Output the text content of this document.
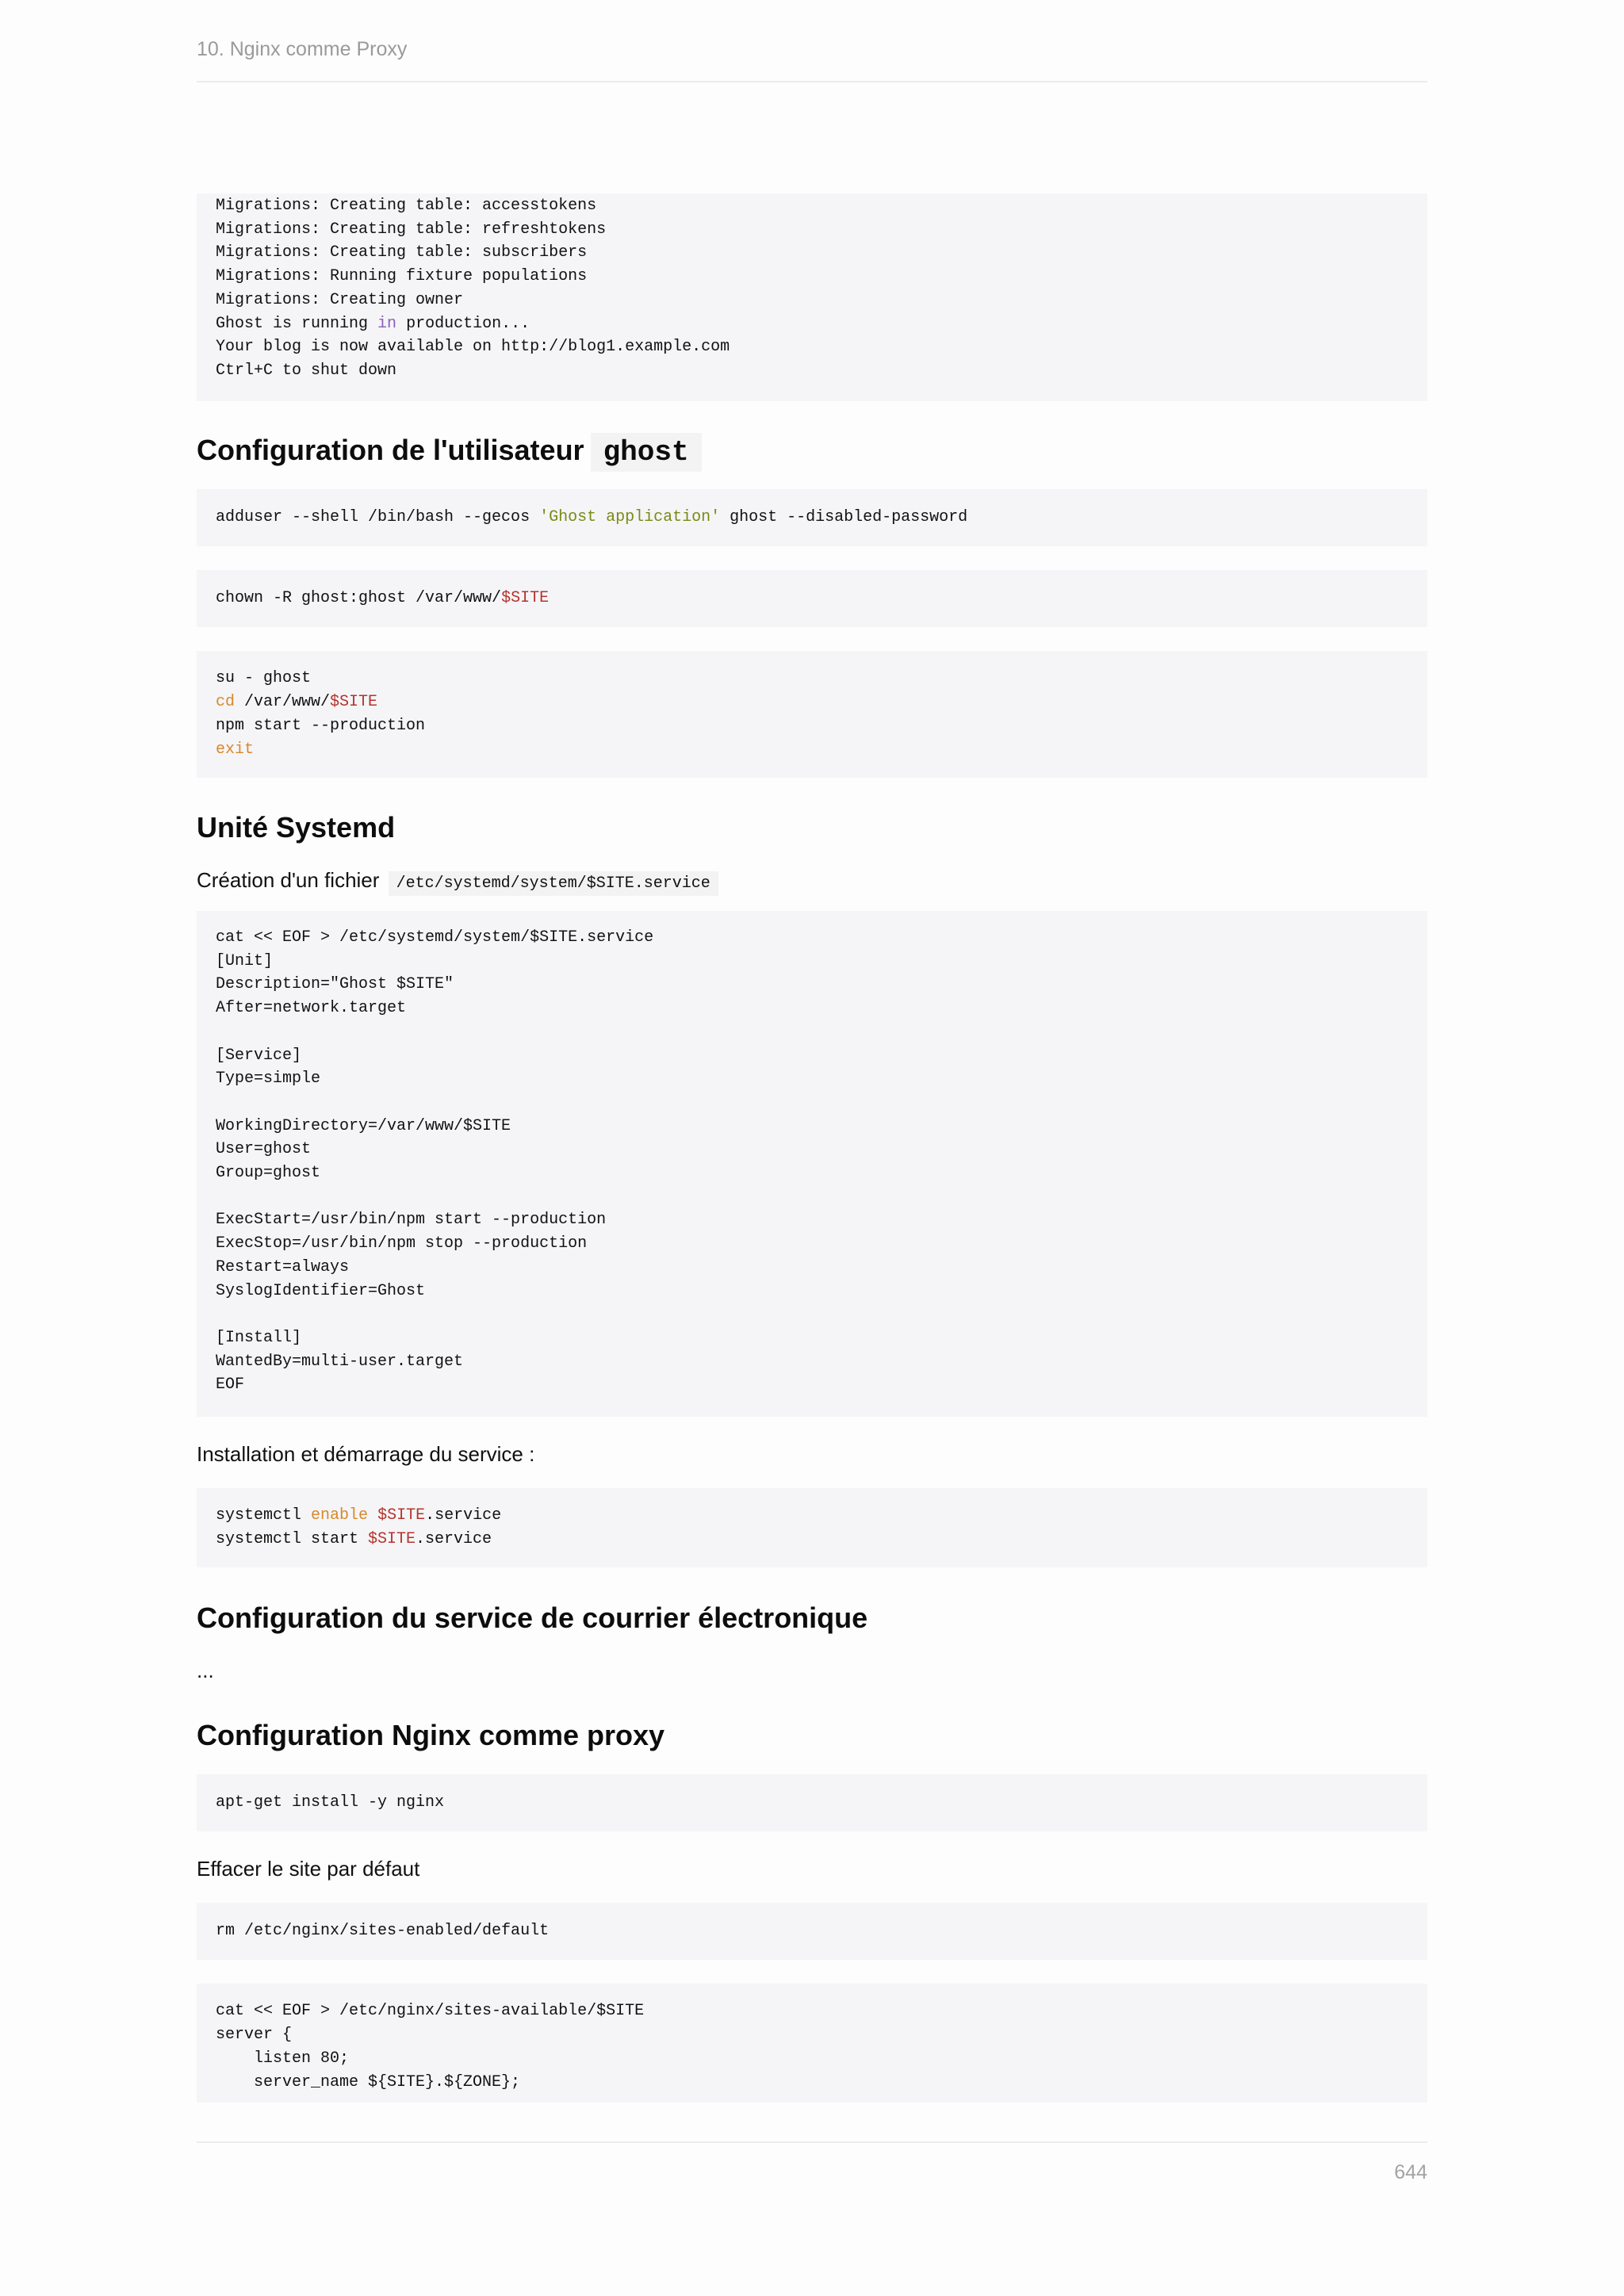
10. Nginx comme Proxy
Migrations: Creating table: accesstokens
Migrations: Creating table: refreshtokens
Migrations: Creating table: subscribers
Migrations: Running fixture populations
Migrations: Creating owner
Ghost is running in production...
Your blog is now available on http://blog1.example.com
Ctrl+C to shut down
Configuration de l'utilisateur ghost
adduser --shell /bin/bash --gecos 'Ghost application' ghost --disabled-password
chown -R ghost:ghost /var/www/$SITE
su - ghost
cd /var/www/$SITE
npm start --production
exit
Unité Systemd
Création d'un fichier /etc/systemd/system/$SITE.service
cat << EOF > /etc/systemd/system/$SITE.service
[Unit]
Description="Ghost $SITE"
After=network.target

[Service]
Type=simple

WorkingDirectory=/var/www/$SITE
User=ghost
Group=ghost

ExecStart=/usr/bin/npm start --production
ExecStop=/usr/bin/npm stop --production
Restart=always
SyslogIdentifier=Ghost

[Install]
WantedBy=multi-user.target
EOF
Installation et démarrage du service :
systemctl enable $SITE.service
systemctl start $SITE.service
Configuration du service de courrier électronique
...
Configuration Nginx comme proxy
apt-get install -y nginx
Effacer le site par défaut
rm /etc/nginx/sites-enabled/default
cat << EOF > /etc/nginx/sites-available/$SITE
server {
listen 80;
server_name ${SITE}.${ZONE};
644
